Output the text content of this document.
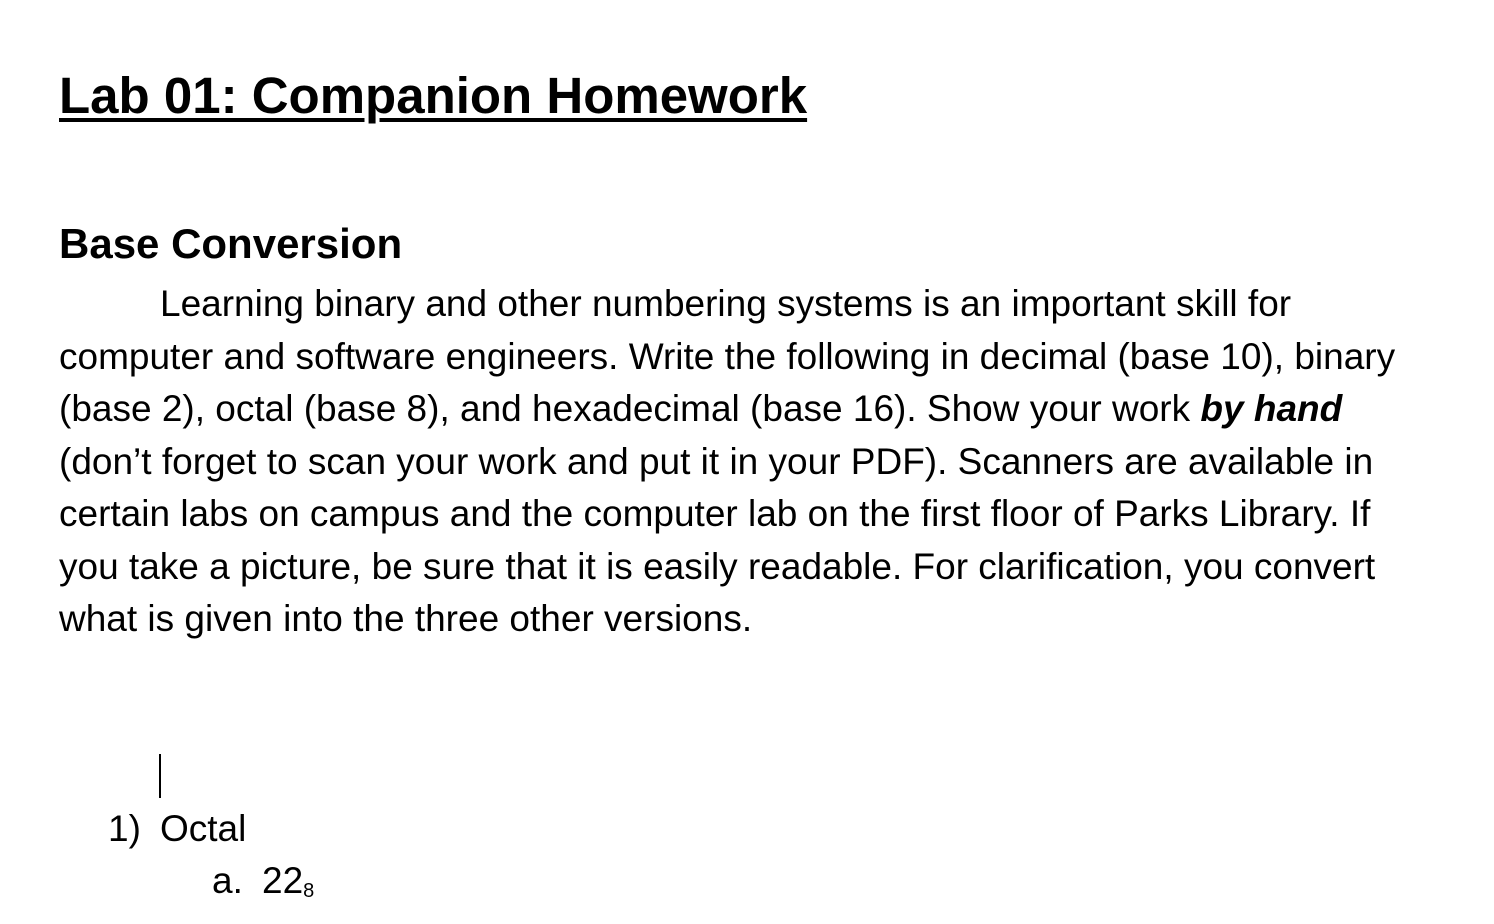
Lab 01: Companion Homework
Base Conversion

Learning binary and other numbering systems is an important skill for computer and software engineers. Write the following in decimal (base 10), binary (base 2), octal (base 8), and hexadecimal (base 16). Show your work by hand (don’t forget to scan your work and put it in your PDF). Scanners are available in certain labs on campus and the computer lab on the first floor of Parks Library. If you take a picture, be sure that it is easily readable. For clarification, you convert what is given into the three other versions.

1) Octal
a. $22_8$
